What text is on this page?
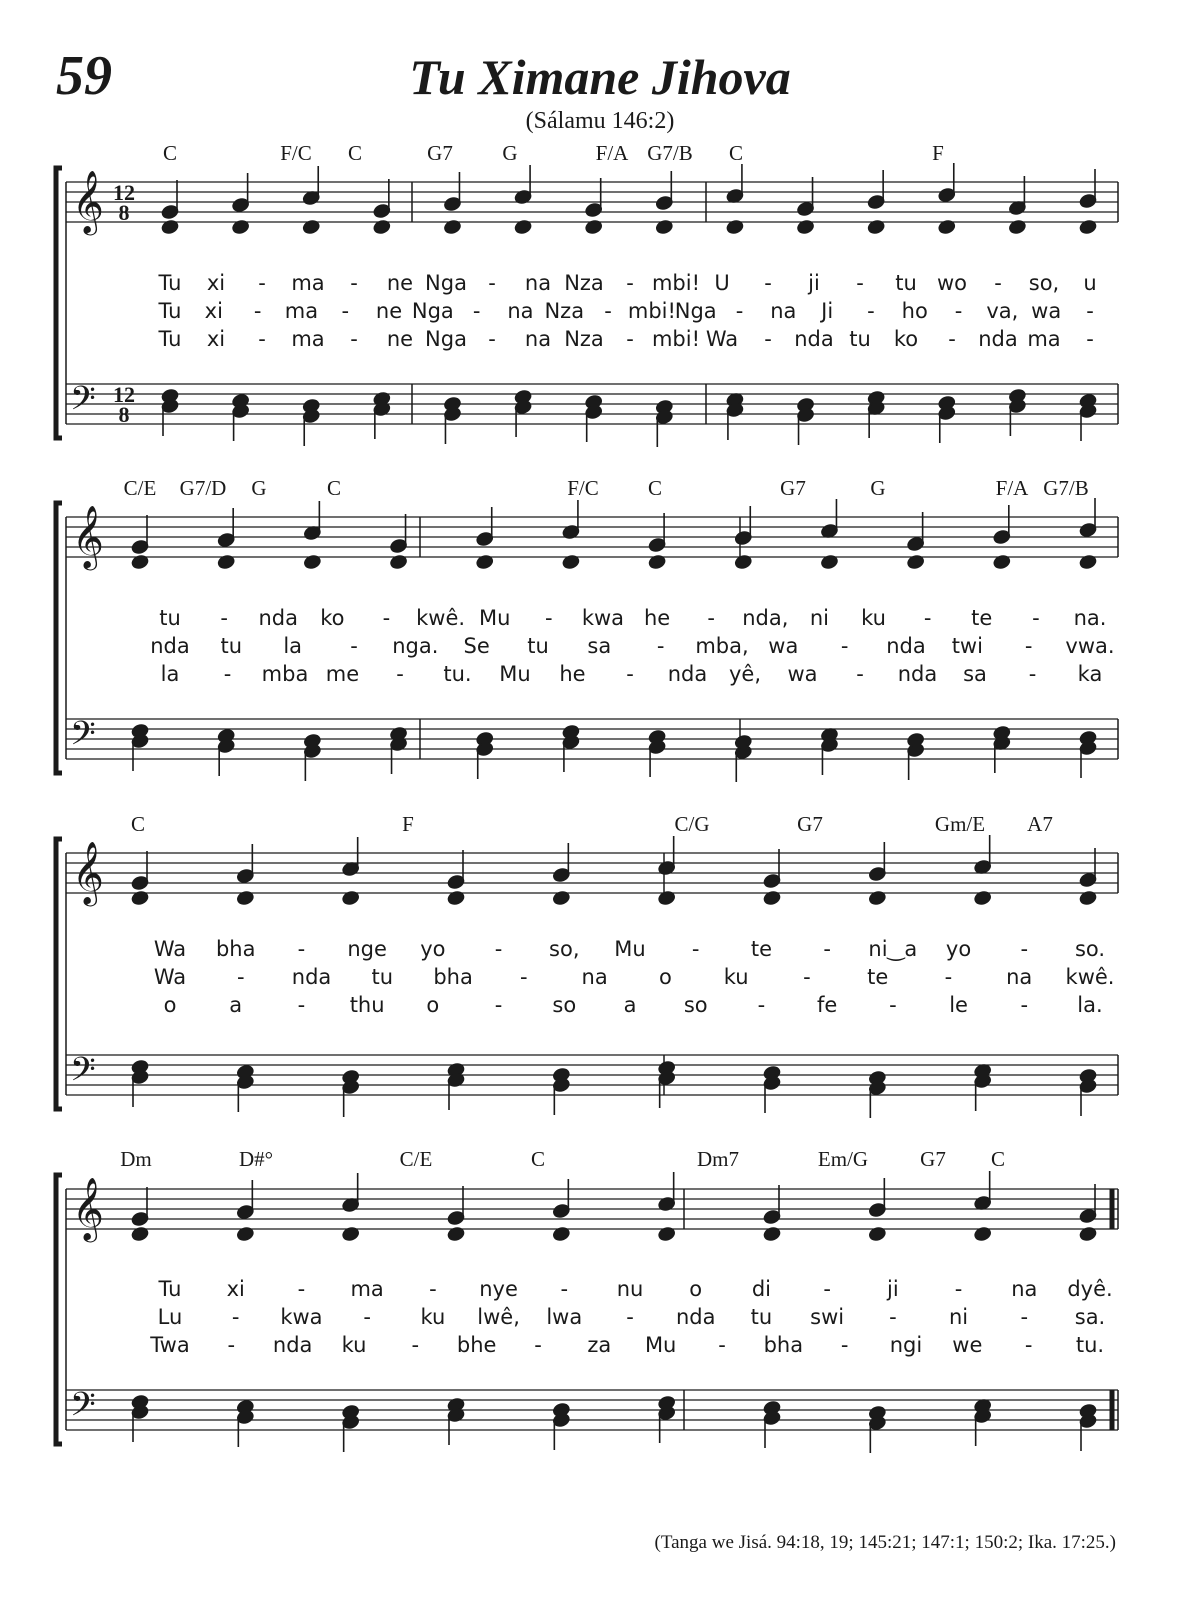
59	Tu Ximane Jihova
(Sálamu 146:2)
𝄞
𝄢
12
8
12
8
C	F/C C	G7 G	F/A G7/B C	F
Tu xi - ma - ne Nga - na Nza - mbi! U - ji - tu wo - so, u
Tu xi - ma - ne Nga - na Nza - mbi!
Nga - na Ji - ho - va, wa -
Tu xi - ma - ne Nga - na Nza - mbi! Wa - nda tu ko - nda ma -
𝄞
𝄢
C/E G7/D G	C	F/C C	G7	G	F/A G7/B
tu - nda ko - kwê. Mu - kwa he - nda, ni ku - te - na.
nda tu la - nga. Se tu sa - mba, wa - nda twi - vwa.
la - mba me - tu. Mu he - nda yê, wa - nda sa - ka
𝄞
𝄢
C	F	C/G	G7	Gm/E A7
Wa bha - nge yo - so, Mu - te - ni‿a yo - so.
Wa - nda tu bha -	na o ku	-	te	-	na kwê.
o	a	- thu o	- so a so - fe -	le	- la.
𝄞
𝄢
Dm	D#°	C/E	C	Dm7	Em/G G7 C
Tu xi	- ma - nye - nu o di -	ji	- na dyê.
Lu - kwa - ku lwê, lwa - nda tu swi - ni - sa.
Twa - nda ku - bhe - za Mu - bha - ngi we - tu.
(Tanga we Jisá. 94:18, 19; 145:21; 147:1; 150:2; Ika. 17:25.)
